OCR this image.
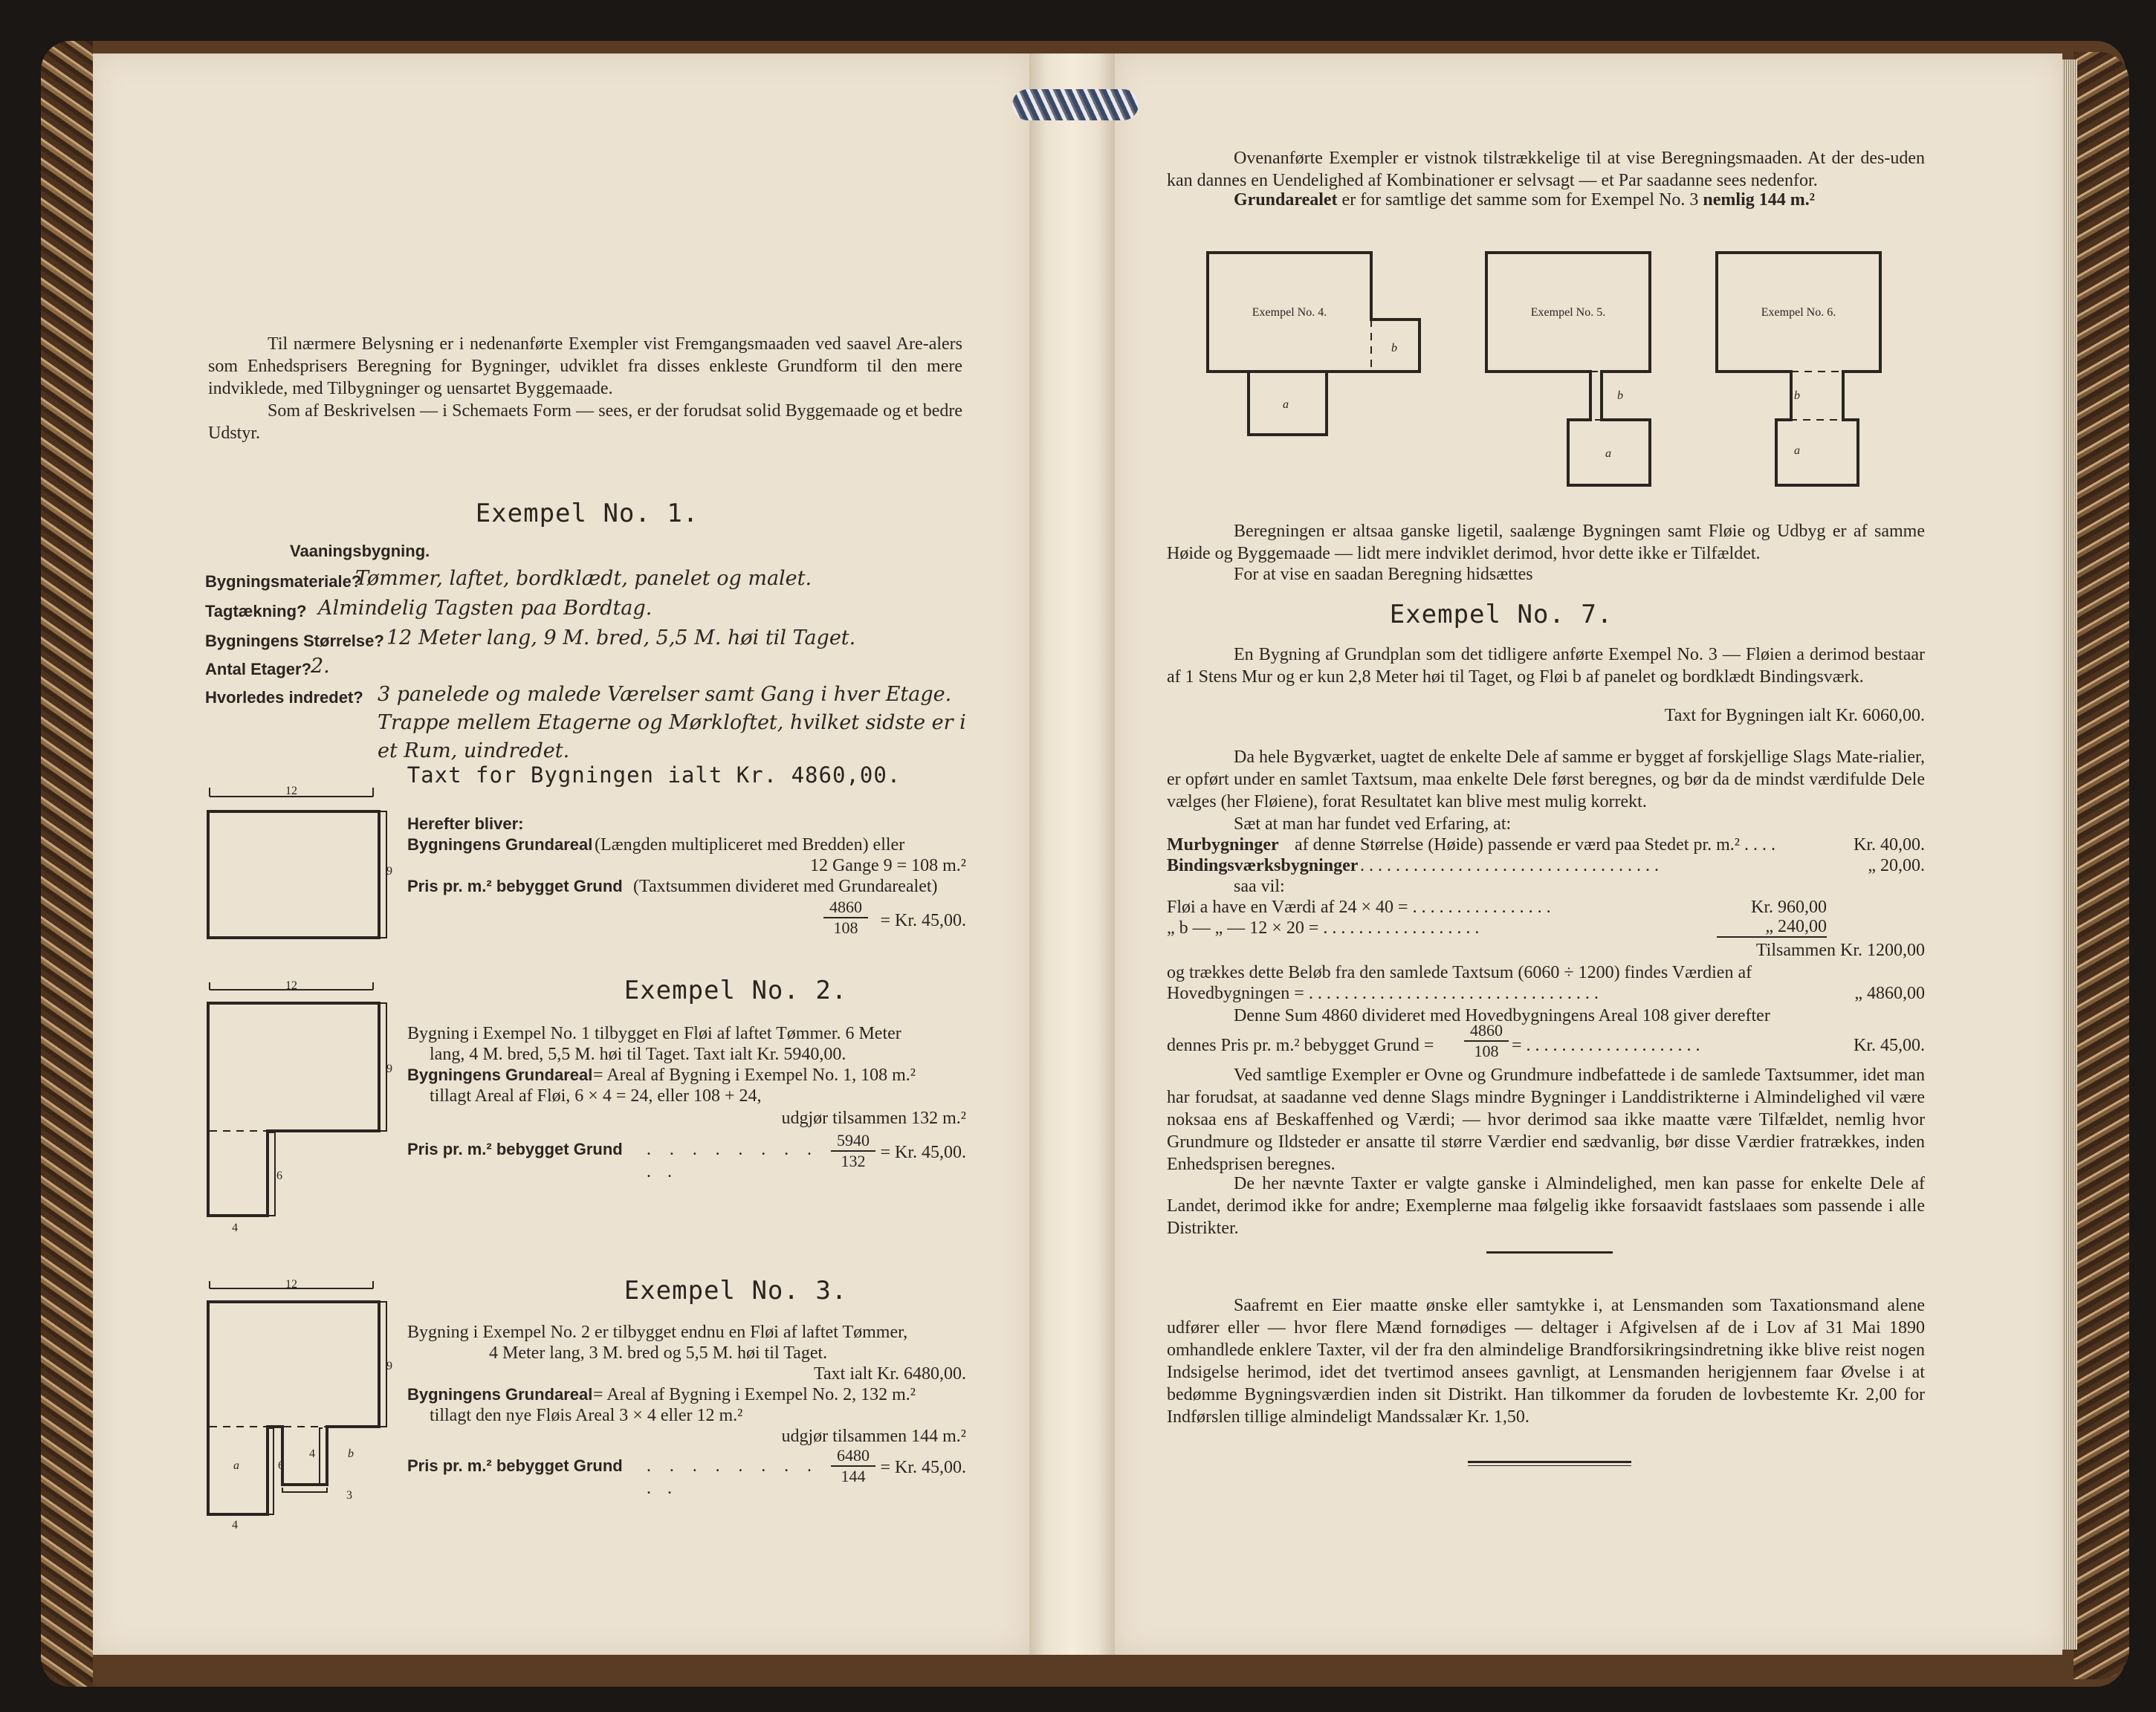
Til nærmere Belysning er i nedenanførte Exempler vist Fremgangsmaaden ved saavel Are-alers som Enhedsprisers Beregning for Bygninger, udviklet fra disses enkleste Grundform til den mere indviklede, med Tilbygninger og uensartet Byggemaade.
Som af Beskrivelsen — i Schemaets Form — sees, er der forudsat solid Byggemaade og et bedre Udstyr.
Exempel No. 1.
Vaaningsbygning.
Bygningsmateriale?
Tømmer, laftet, bordklædt, panelet og malet.
Tagtækning? Almindelig Tagsten paa Bordtag.
Bygningens Størrelse? 12 Meter lang, 9 M. bred, 5,5 M. høi til Taget.
Antal Etager?
2.
Hvorledes indredet? 3 panelede og malede Værelser samt Gang i hver Etage.
Trappe mellem Etagerne og Mørkloftet, hvilket sidste er i
et Rum, uindredet.
Taxt for Bygningen ialt Kr. 4860,00.
12
9
Herefter bliver:
Bygningens Grundareal (Længden multipliceret med Bredden) eller
12 Gange 9 = 108 m.²
Pris pr. m.² bebygget Grund (Taxtsummen divideret med Grundarealet)
$\frac{4860}{108} = Kr$. 45,00.
Exempel No. 2.
12
9
6
4
Bygning i Exempel No. 1 tilbygget en Fløi af laftet Tømmer. 6 Meter
lang, 4 M. bred, 5,5 M. høi til Taget. Taxt ialt Kr. 5940,00.
Bygningens Grundareal = Areal af Bygning i Exempel No. 1, 108 m.²
tillagt Areal af Fløi, 6 × 4 = 24, eller 108 + 24,
udgjør tilsammen 132 m.²
Pris pr. m.² bebygget Grund	. . . . . . . . . .
$\frac{5940}{132} = Kr$. 45,00.
Exempel No. 3.
12
9
a	6
4	b
4
3
Bygning i Exempel No. 2 er tilbygget endnu en Fløi af laftet Tømmer,
4 Meter lang, 3 M. bred og 5,5 M. høi til Taget.
Taxt ialt Kr. 6480,00.
Bygningens Grundareal = Areal af Bygning i Exempel No. 2, 132 m.²
tillagt den nye Fløis Areal 3 × 4 eller 12 m.²
udgjør tilsammen 144 m.²
Pris pr. m.² bebygget Grund	. . . . . . . . . .
$\frac{6480}{144} = Kr$. 45,00.
Ovenanførte Exempler er vistnok tilstrækkelige til at vise Beregningsmaaden. At der des-uden kan dannes en Uendelighed af Kombinationer er selvsagt — et Par saadanne sees nedenfor.
Grundarealet er for samtlige det samme som for Exempel No. 3 nemlig 144 m.²
Exempel No. 4.
b
a
Exempel No. 5.
b
a
Exempel No. 6.
b
a
Beregningen er altsaa ganske ligetil, saalænge Bygningen samt Fløie og Udbyg er af samme Høide og Byggemaade — lidt mere indviklet derimod, hvor dette ikke er Tilfældet.
For at vise en saadan Beregning hidsættes
Exempel No. 7.
En Bygning af Grundplan som det tidligere anførte Exempel No. 3 — Fløien a derimod bestaar af 1 Stens Mur og er kun 2,8 Meter høi til Taget, og Fløi b af panelet og bordklædt Bindingsværk.
Taxt for Bygningen ialt Kr. 6060,00.
Da hele Bygværket, uagtet de enkelte Dele af samme er bygget af forskjellige Slags Mate-rialier, er opført under en samlet Taxtsum, maa enkelte Dele først beregnes, og bør da de mindst værdifulde Dele vælges (her Fløiene), forat Resultatet kan blive mest mulig korrekt.
Sæt at man har fundet ved Erfaring, at:
Murbygninger af denne Størrelse (Høide) passende er værd paa Stedet pr. m.² . . . .	Kr. 40,00.
Bindingsværksbygninger . . . . . . . . . . . . . . . . . . . . . . . . . . . . . . . . . .	„ 20,00.
saa vil:
Fløi a have en Værdi af 24 × 40 = . . . . . . . . . . . . . . . .	Kr. 960,00
„ b — „ — 12 × 20 = . . . . . . . . . . . . . . . . . .	„ 240,00
Tilsammen Kr. 1200,00
og trækkes dette Beløb fra den samlede Taxtsum (6060 ÷ 1200) findes Værdien af
Hovedbygningen = . . . . . . . . . . . . . . . . . . . . . . . . . . . . . . . . .	„ 4860,00
Denne Sum 4860 divideret med Hovedbygningens Areal 108 giver derefter
dennes Pris pr. m.² bebygget Grund =	$\frac{4860}{108}$ = . . . . . . . . . . . . . . . . . . . .	Kr. 45,00.
Ved samtlige Exempler er Ovne og Grundmure indbefattede i de samlede Taxtsummer, idet man har forudsat, at saadanne ved denne Slags mindre Bygninger i Landdistrikterne i Almindelighed vil være noksaa ens af Beskaffenhed og Værdi; — hvor derimod saa ikke maatte være Tilfældet, nemlig hvor Grundmure og Ildsteder er ansatte til større Værdier end sædvanlig, bør disse Værdier fratrækkes, inden Enhedsprisen beregnes.
De her nævnte Taxter er valgte ganske i Almindelighed, men kan passe for enkelte Dele af Landet, derimod ikke for andre; Exemplerne maa følgelig ikke forsaavidt fastslaaes som passende i alle Distrikter.
Saafremt en Eier maatte ønske eller samtykke i, at Lensmanden som Taxationsmand alene udfører eller — hvor flere Mænd fornødiges — deltager i Afgivelsen af de i Lov af 31 Mai 1890 omhandlede enklere Taxter, vil der fra den almindelige Brandforsikringsindretning ikke blive reist nogen Indsigelse herimod, idet det tvertimod ansees gavnligt, at Lensmanden herigjennem faar Øvelse i at bedømme Bygningsværdien inden sit Distrikt. Han tilkommer da foruden de lovbestemte Kr. 2,00 for Indførslen tillige almindeligt Mandssalær Kr. 1,50.
